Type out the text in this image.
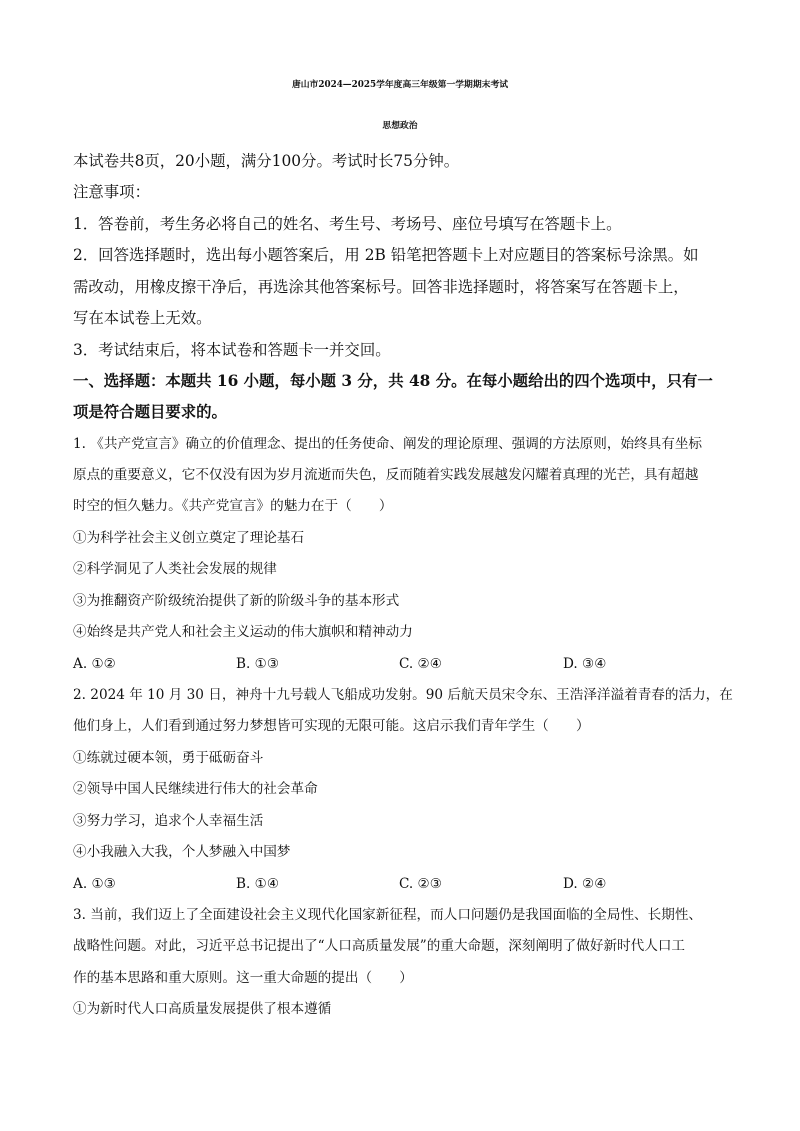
唐山市2024—2025学年度高三年级第一学期期末考试
思想政治
本试卷共8页，20小题，满分100分。考试时长75分钟。
注意事项：
1．答卷前，考生务必将自己的姓名、考生号、考场号、座位号填写在答题卡上。
2．回答选择题时，选出每小题答案后，用 2B 铅笔把答题卡上对应题目的答案标号涂黑。如
需改动，用橡皮擦干净后，再选涂其他答案标号。回答非选择题时，将答案写在答题卡上，
写在本试卷上无效。
3．考试结束后，将本试卷和答题卡一并交回。
一、选择题：本题共 16 小题，每小题 3 分，共 48 分。在每小题给出的四个选项中，只有一
项是符合题目要求的。
1. 《共产党宣言》确立的价值理念、提出的任务使命、阐发的理论原理、强调的方法原则，始终具有坐标
原点的重要意义，它不仅没有因为岁月流逝而失色，反而随着实践发展越发闪耀着真理的光芒，具有超越
时空的恒久魅力。《共产党宣言》的魅力在于（　　）
①为科学社会主义创立奠定了理论基石
②科学洞见了人类社会发展的规律
③为推翻资产阶级统治提供了新的阶级斗争的基本形式
④始终是共产党人和社会主义运动的伟大旗帜和精神动力
A. ①②	B. ①③	C. ②④	D. ③④
2. 2024 年 10 月 30 日，神舟十九号载人飞船成功发射。90 后航天员宋令东、王浩泽洋溢着青春的活力，在
他们身上，人们看到通过努力梦想皆可实现的无限可能。这启示我们青年学生（　　）
①练就过硬本领，勇于砥砺奋斗
②领导中国人民继续进行伟大的社会革命
③努力学习，追求个人幸福生活
④小我融入大我，个人梦融入中国梦
A. ①③	B. ①④	C. ②③	D. ②④
3. 当前，我们迈上了全面建设社会主义现代化国家新征程，而人口问题仍是我国面临的全局性、长期性、
战略性问题。对此，习近平总书记提出了“人口高质量发展”的重大命题，深刻阐明了做好新时代人口工
作的基本思路和重大原则。这一重大命题的提出（　　）
①为新时代人口高质量发展提供了根本遵循
